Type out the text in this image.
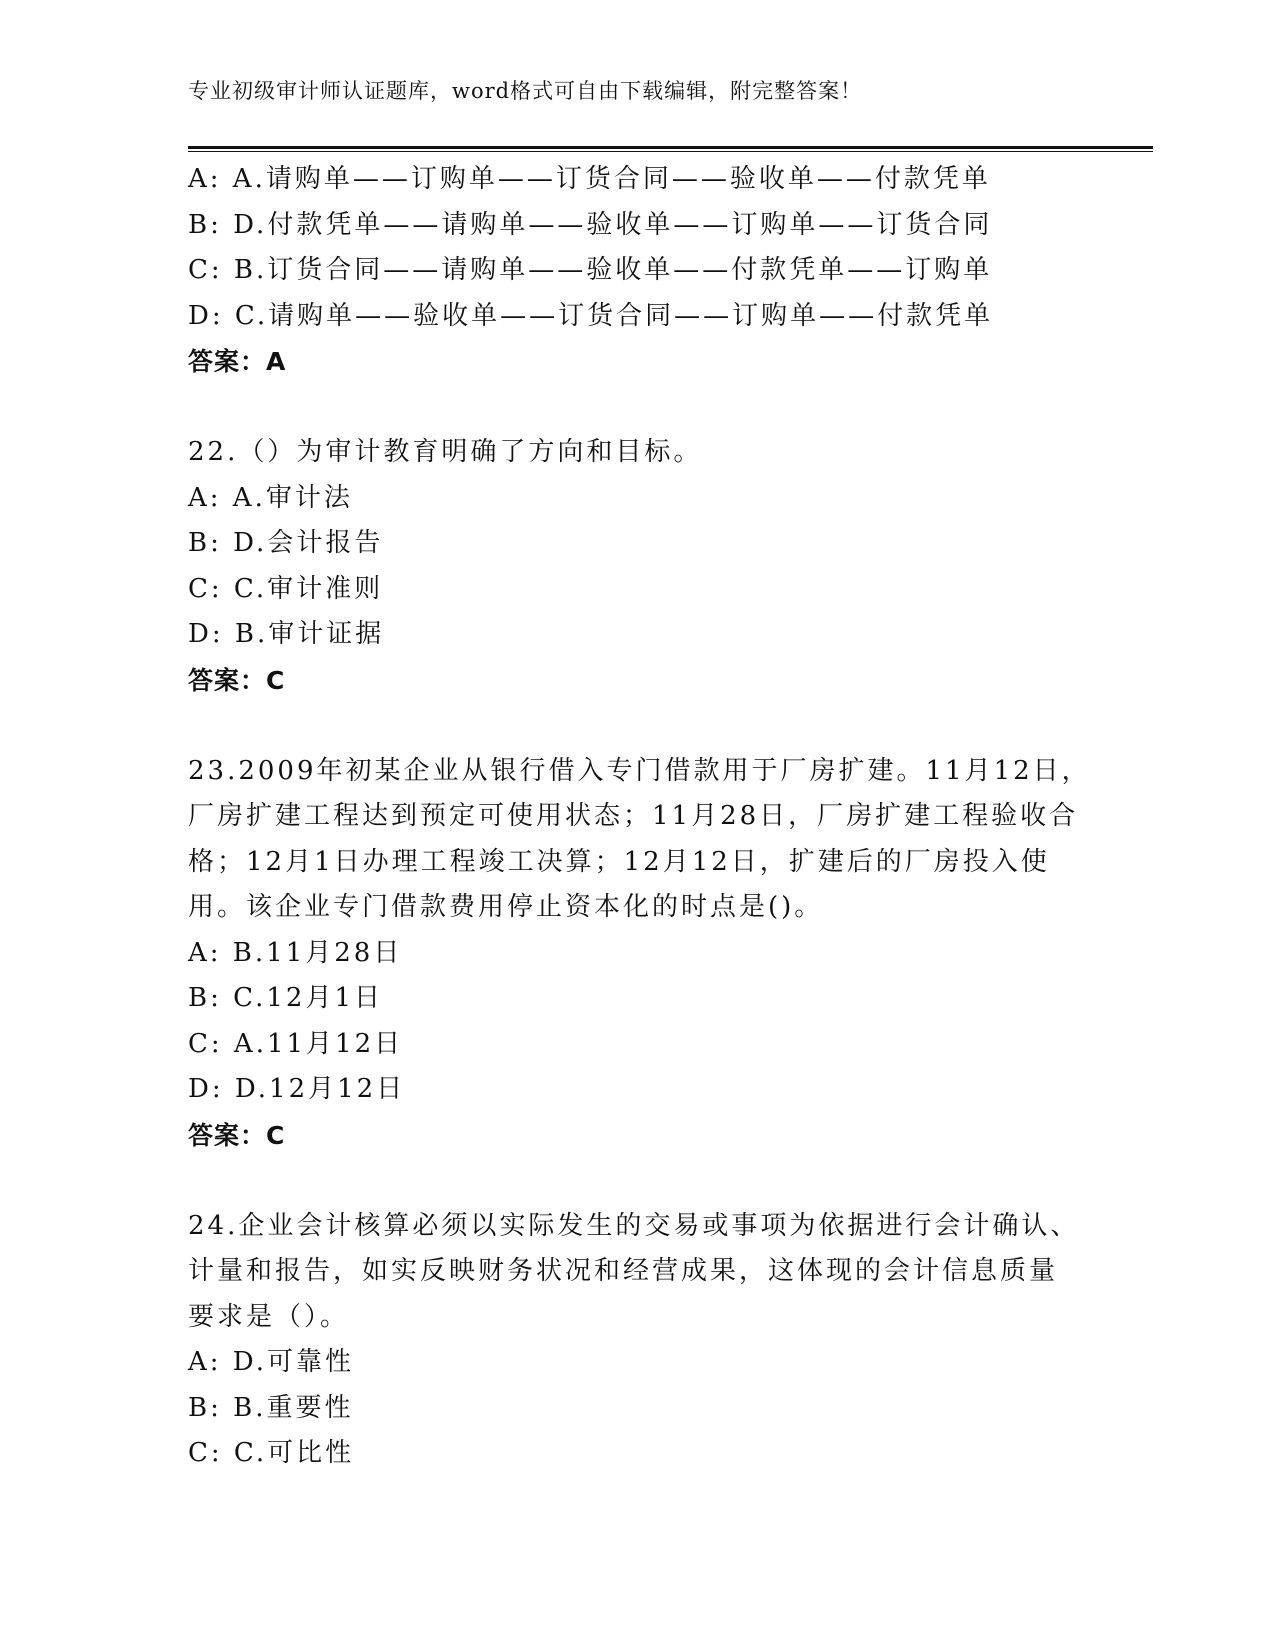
专业初级审计师认证题库，word格式可自由下载编辑，附完整答案！
A: A.请购单——订购单——订货合同——验收单——付款凭单
B: D.付款凭单——请购单——验收单——订购单——订货合同
C: B.订货合同——请购单——验收单——付款凭单——订购单
D: C.请购单——验收单——订货合同——订购单——付款凭单
答案：A
22.（）为审计教育明确了方向和目标。
A: A.审计法
B: D.会计报告
C: C.审计准则
D: B.审计证据
答案：C
23.2009年初某企业从银行借入专门借款用于厂房扩建。11月12日，
厂房扩建工程达到预定可使用状态；11月28日，厂房扩建工程验收合
格；12月1日办理工程竣工决算；12月12日，扩建后的厂房投入使
用。该企业专门借款费用停止资本化的时点是()。
A: B.11月28日
B: C.12月1日
C: A.11月12日
D: D.12月12日
答案：C
24.企业会计核算必须以实际发生的交易或事项为依据进行会计确认、
计量和报告，如实反映财务状况和经营成果，这体现的会计信息质量
要求是（）。
A: D.可靠性
B: B.重要性
C: C.可比性
